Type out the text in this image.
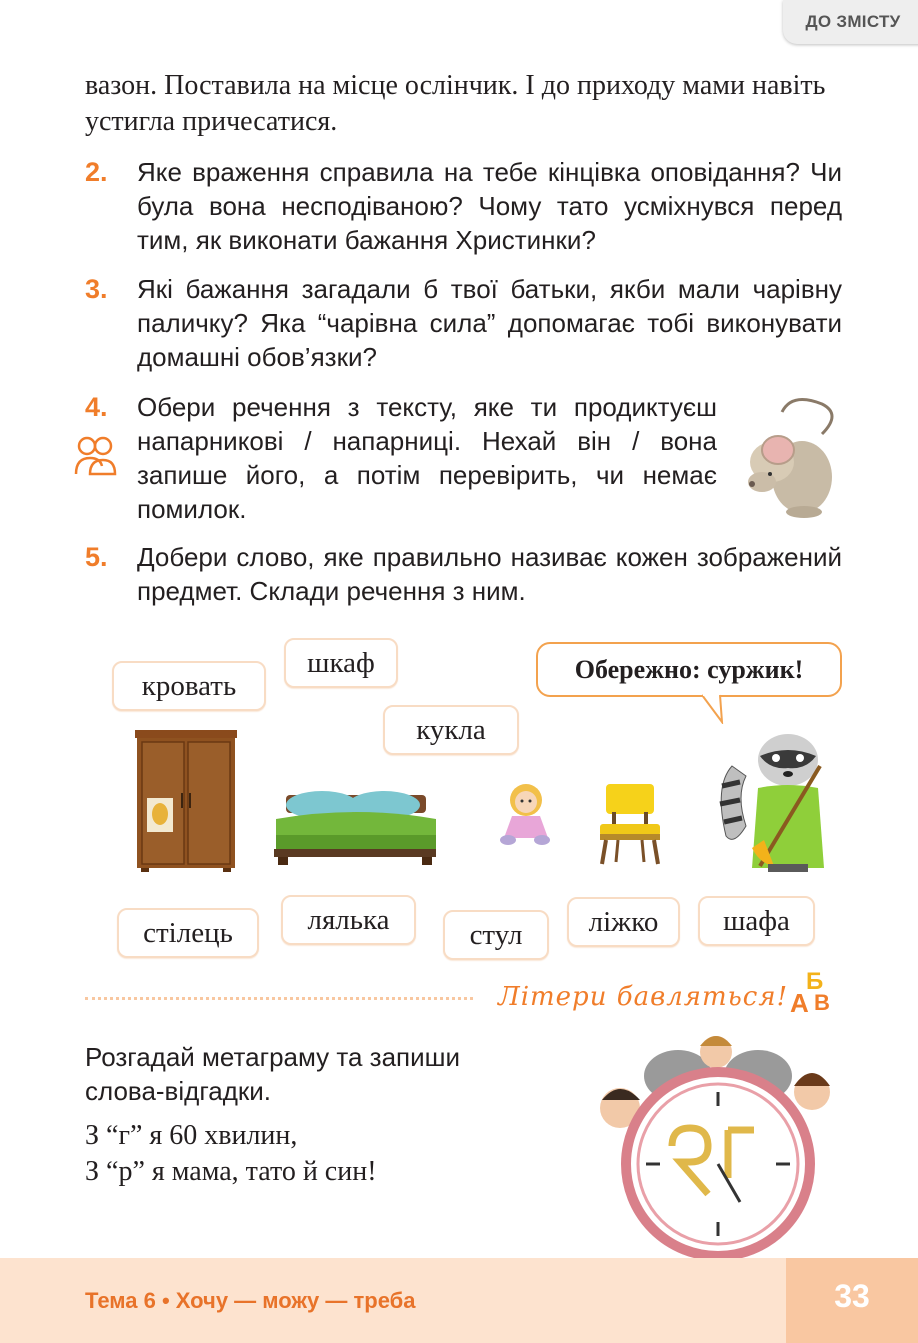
ДО ЗМІСТУ
вазон. Поставила на місце ослінчик. І до приходу мами навіть устигла причесатися.
2. Яке враження справила на тебе кінцівка оповідання? Чи була вона несподіваною? Чому тато усміхнувся перед тим, як виконати бажання Христинки?
3. Які бажання загадали б твої батьки, якби мали чарівну паличку? Яка “чарівна сила” допомагає тобі виконувати домашні обов’язки?
4. Обери речення з тексту, яке ти продиктуєш напарникові / напарниці. Нехай він / вона запише його, а потім перевірить, чи немає помилок.
5. Добери слово, яке правильно називає кожен зображений предмет. Склади речення з ним.
кровать
шкаф
кукла
Обережно: суржик!
стілець	лялька	стул ліжко шафа
Літери бавляться!
Б
А В
Розгадай метаграму та запиши слова-відгадки.
З “г” я 60 хвилин,
З “р” я мама, тато й син!
Тема 6 • Хочу — можу — треба	33
